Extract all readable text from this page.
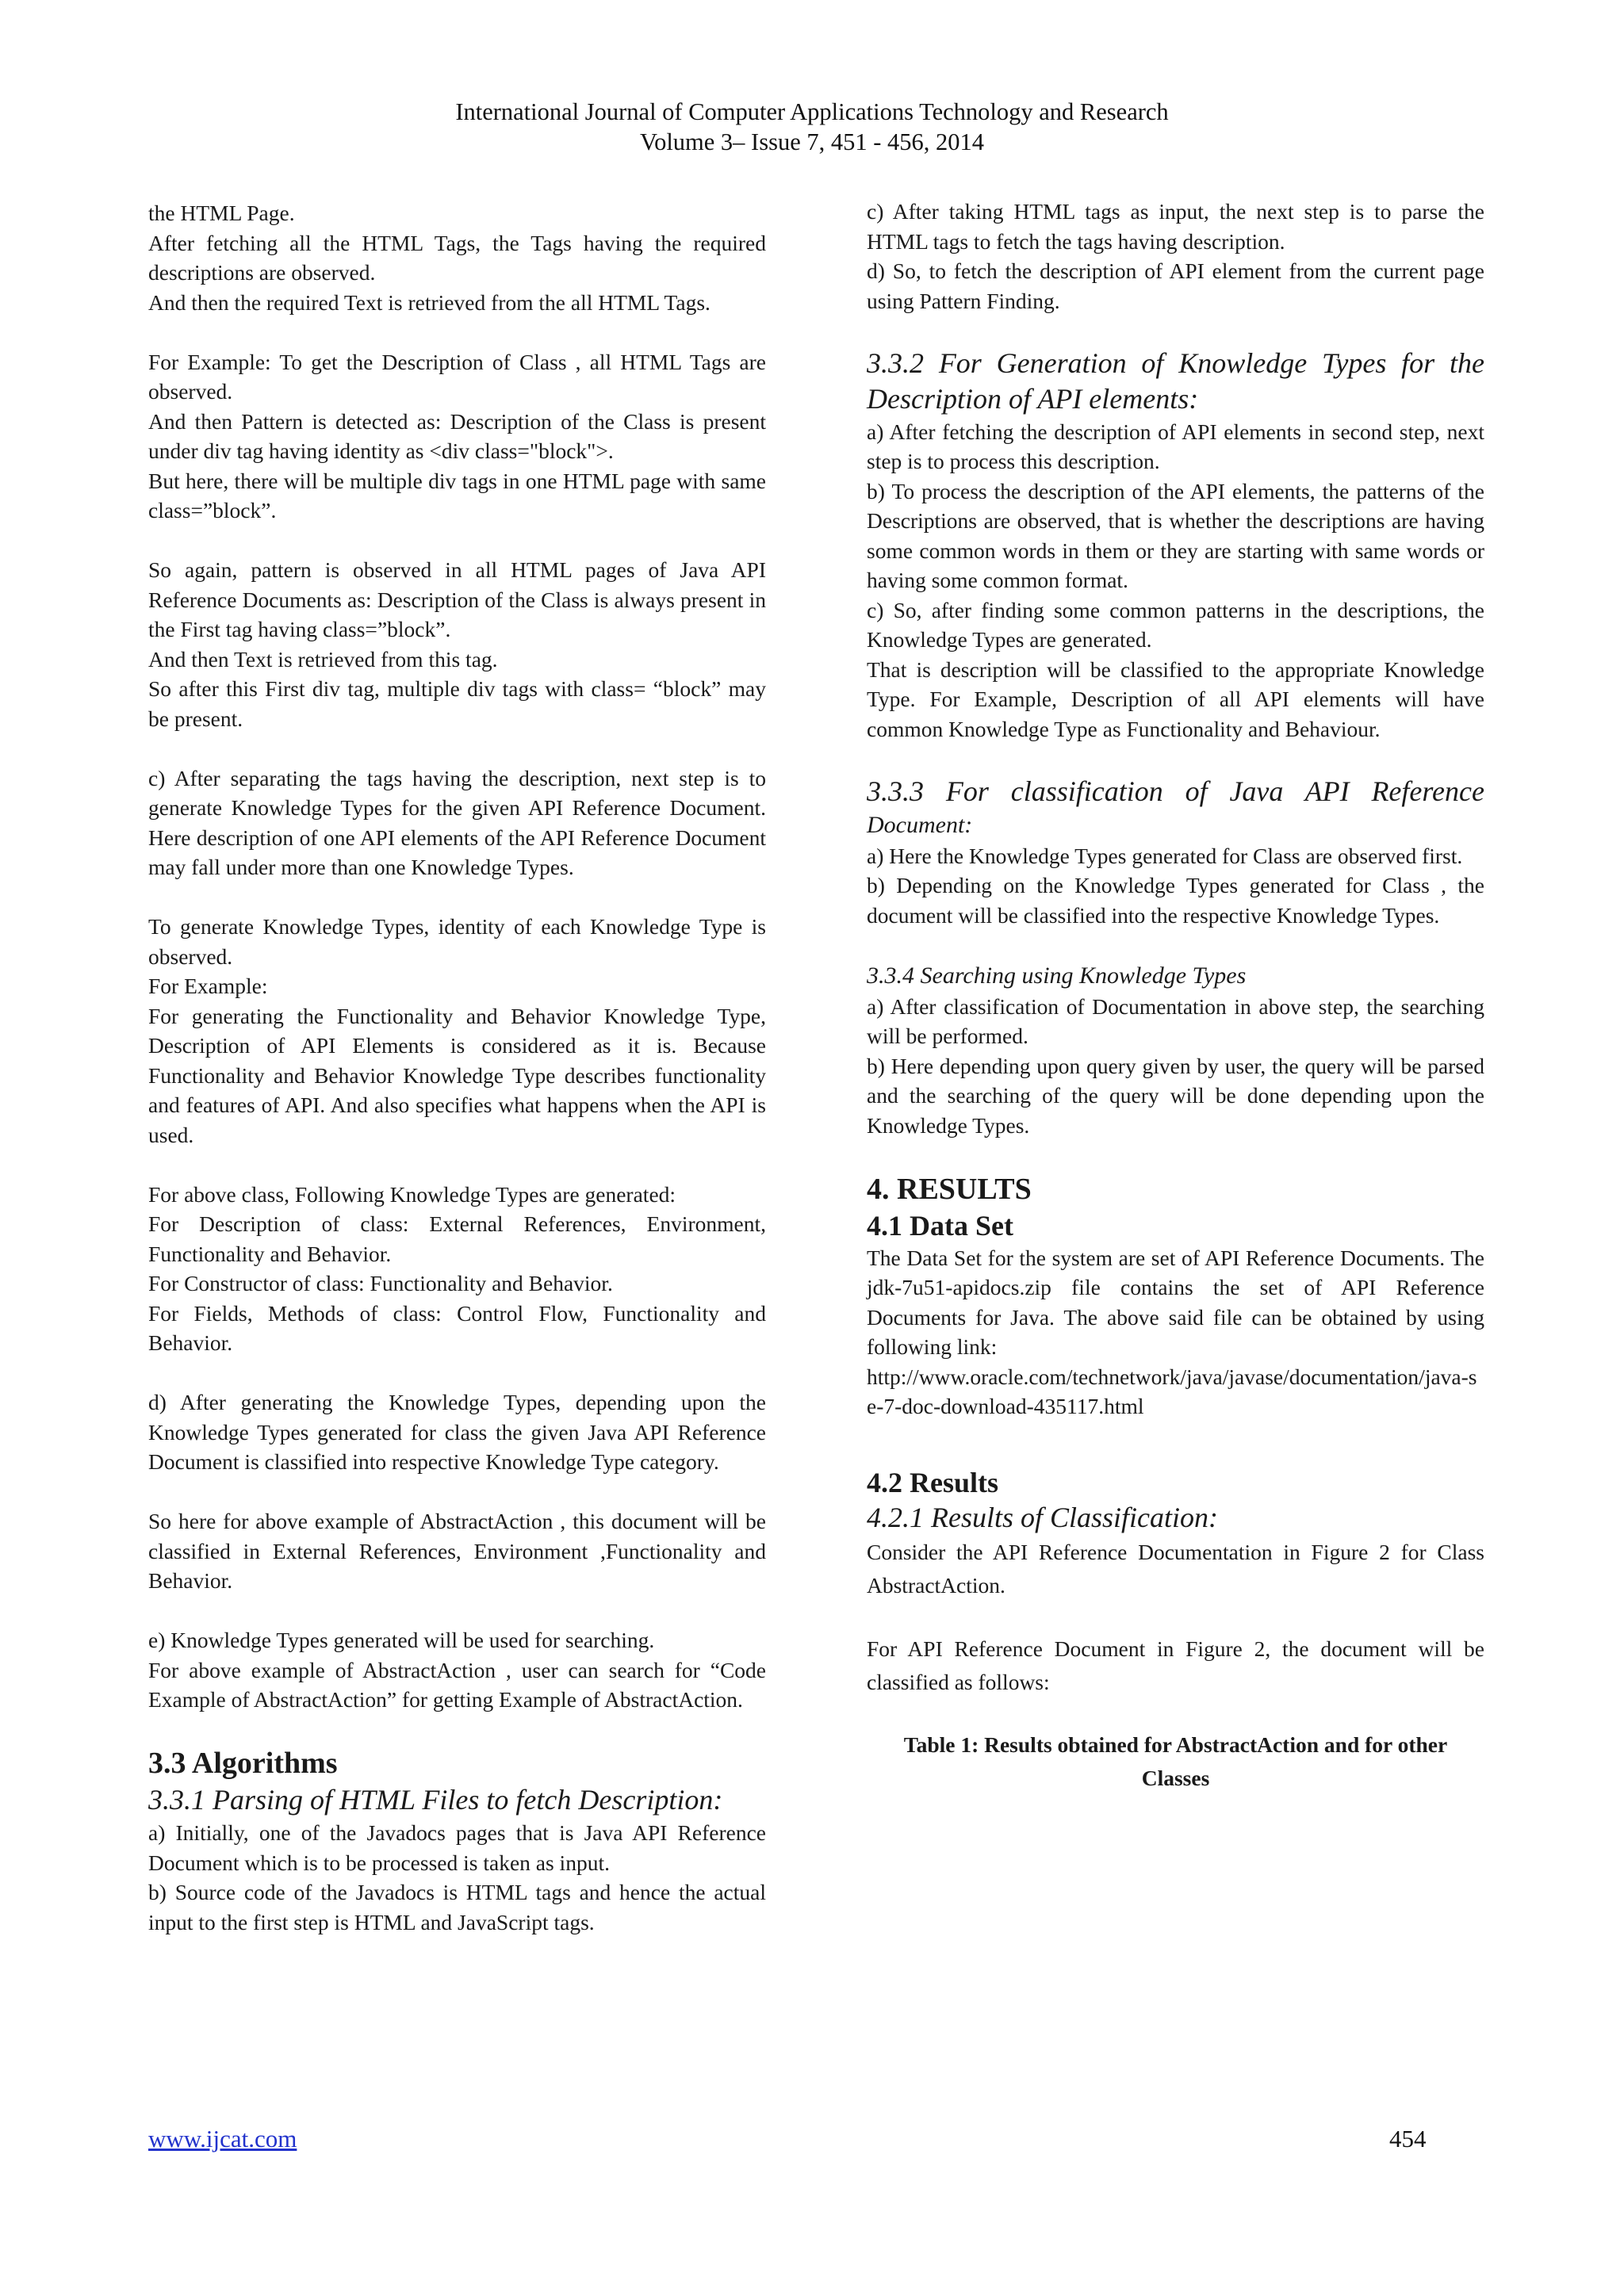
International Journal of Computer Applications Technology and Research
Volume 3– Issue 7, 451 - 456, 2014

the HTML Page.

After fetching all the HTML Tags, the Tags having the required descriptions are observed.

And then the required Text is retrieved from the all HTML Tags.

For Example: To get the Description of Class , all HTML Tags are observed.

And then Pattern is detected as: Description of the Class is present under div tag having identity as <div class="block">.

But here, there will be multiple div tags in one HTML page with same class=”block”.

So again, pattern is observed in all HTML pages of Java API Reference Documents as: Description of the Class is always present in the First tag having class=”block”.

And then Text is retrieved from this tag.

So after this First div tag, multiple div tags with class= “block” may be present.

c) After separating the tags having the description, next step is to generate Knowledge Types for the given API Reference Document. Here description of one API elements of the API Reference Document may fall under more than one Knowledge Types.

To generate Knowledge Types, identity of each Knowledge Type is observed.

For Example:

For generating the Functionality and Behavior Knowledge Type, Description of API Elements is considered as it is. Because Functionality and Behavior Knowledge Type describes functionality and features of API. And also specifies what happens when the API is used.

For above class, Following Knowledge Types are generated:

For Description of class: External References, Environment, Functionality and Behavior.

For Constructor of class: Functionality and Behavior.

For Fields, Methods of class: Control Flow, Functionality and Behavior.

d) After generating the Knowledge Types, depending upon the Knowledge Types generated for class the given Java API Reference Document is classified into respective Knowledge Type category.

So here for above example of AbstractAction , this document will be classified in External References, Environment ,Functionality and Behavior.

e) Knowledge Types generated will be used for searching.

For above example of AbstractAction , user can search for “Code Example of AbstractAction” for getting Example of AbstractAction.

3.3 Algorithms

3.3.1 Parsing of HTML Files to fetch Description:

a) Initially, one of the Javadocs pages that is Java API Reference Document which is to be processed is taken as input.

b) Source code of the Javadocs is HTML tags and hence the actual input to the first step is HTML and JavaScript tags.

c) After taking HTML tags as input, the next step is to parse the HTML tags to fetch the tags having description.

d) So, to fetch the description of API element from the current page using Pattern Finding.

3.3.2 For Generation of Knowledge Types for the Description of API elements:

a) After fetching the description of API elements in second step, next step is to process this description.

b) To process the description of the API elements, the patterns of the Descriptions are observed, that is whether the descriptions are having some common words in them or they are starting with same words or having some common format.

c) So, after finding some common patterns in the descriptions, the Knowledge Types are generated.

That is description will be classified to the appropriate Knowledge Type. For Example, Description of all API elements will have common Knowledge Type as Functionality and Behaviour.

3.3.3 For classification of Java API Reference

Document:

a) Here the Knowledge Types generated for Class are observed first.

b) Depending on the Knowledge Types generated for Class , the document will be classified into the respective Knowledge Types.

3.3.4 Searching using Knowledge Types

a) After classification of Documentation in above step, the searching will be performed.

b) Here depending upon query given by user, the query will be parsed and the searching of the query will be done depending upon the Knowledge Types.

4. RESULTS
4.1 Data Set

The Data Set for the system are set of API Reference Documents. The jdk-7u51-apidocs.zip file contains the set of API Reference Documents for Java. The above said file can be obtained by using following link:

http://www.oracle.com/technetwork/java/javase/documentation/java-se-7-doc-download-435117.html

4.2 Results

4.2.1 Results of Classification:

Consider the API Reference Documentation in Figure 2 for Class AbstractAction.

For API Reference Document in Figure 2, the document will be classified as follows:

Table 1: Results obtained for AbstractAction and for other Classes

www.ijcat.com	454
